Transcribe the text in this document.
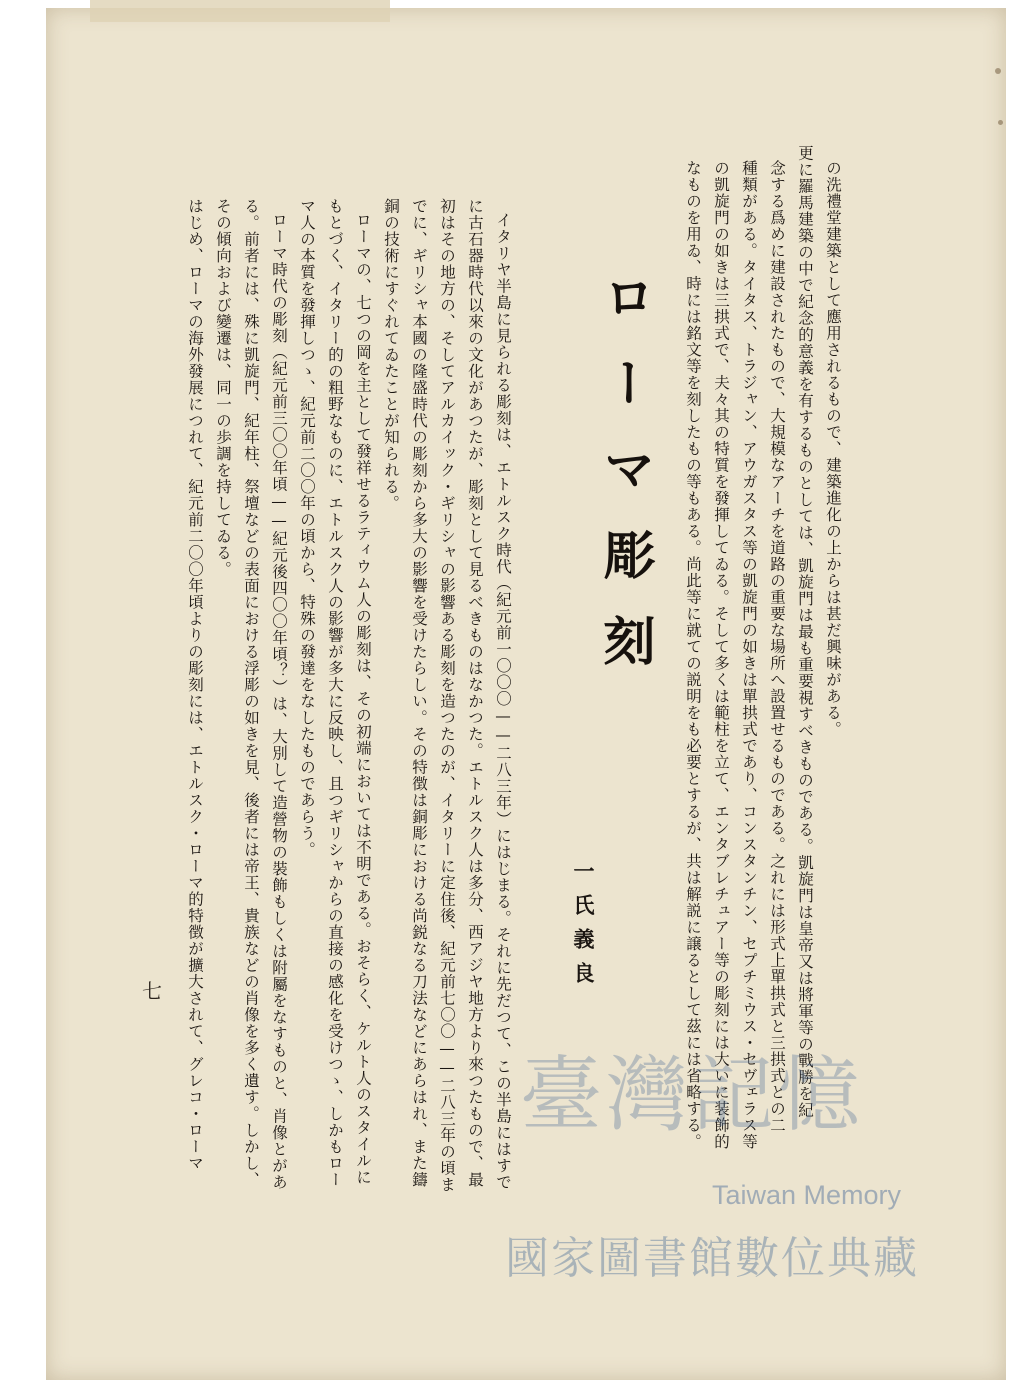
なものを用ゐ、時には銘文等を刻したもの等もある。尚此等に就ての説明をも必要とするが、共は解説に譲るとして茲には省略する。 の凱旋門の如きは三拱式で、夫々其の特質を發揮してゐる。そして多くは範柱を立て、エンタブレチュアー等の彫刻には大いに装飾的 種類がある。タイタス、トラジャン、アウガスタス等の凱旋門の如きは單拱式であり、コンスタンチン、セプチミウス・セヴェラス等 念する爲めに建設されたもので、大規模なアーチを道路の重要な場所へ設置せるものである。之れには形式上單拱式と三拱式との二 更に羅馬建築の中で紀念的意義を有するものとしては、凱旋門は最も重要視すべきものである。凱旋門は皇帝又は將軍等の戰勝を紀 の洗禮堂建築として應用されるもので、建築進化の上からは甚だ興味がある。
ローマ彫刻
一氏義良
イタリヤ半島に見られる彫刻は、エトルスク時代（紀元前一〇〇〇——二八三年）にはじまる。それに先だつて、この半島にはすで
に古石器時代以來の文化があつたが、彫刻として見るべきものはなかつた。エトルスク人は多分、西アジヤ地方より來つたもので、最
初はその地方の、そしてアルカイック・ギリシャの影響ある彫刻を造つたのが、イタリーに定住後、紀元前七〇〇——二八三年の頃ま
でに、ギリシャ本國の隆盛時代の彫刻から多大の影響を受けたらしい。その特徴は銅彫における尚鋭なる刀法などにあらはれ、また鑄
銅の技術にすぐれてゐたことが知られる。
ローマの、七つの岡を主として發祥せるラティウム人の彫刻は、その初端においては不明である。おそらく、ケルト人のスタイルに
もとづく、イタリー的の粗野なものに、エトルスク人の影響が多大に反映し、且つギリシャからの直接の感化を受けつゝ、しかもロー
マ人の本質を發揮しつゝ、紀元前二〇〇年の頃から、特殊の發達をなしたものであらう。
ローマ時代の彫刻（紀元前三〇〇年頃——紀元後四〇〇年頃？）は、大別して造營物の裝飾もしくは附屬をなすものと、肖像とがあ
る。前者には、殊に凱旋門、紀年柱、祭壇などの表面における浮彫の如きを見、後者には帝王、貴族などの肖像を多く遺す。しかし、
その傾向および變遷は、同一の歩調を持してゐる。
はじめ、ローマの海外發展につれて、紀元前二〇〇年頃よりの彫刻には、エトルスク・ローマ的特徴が擴大されて、グレコ・ローマ
七
臺灣記憶
Taiwan Memory
國家圖書館數位典藏
